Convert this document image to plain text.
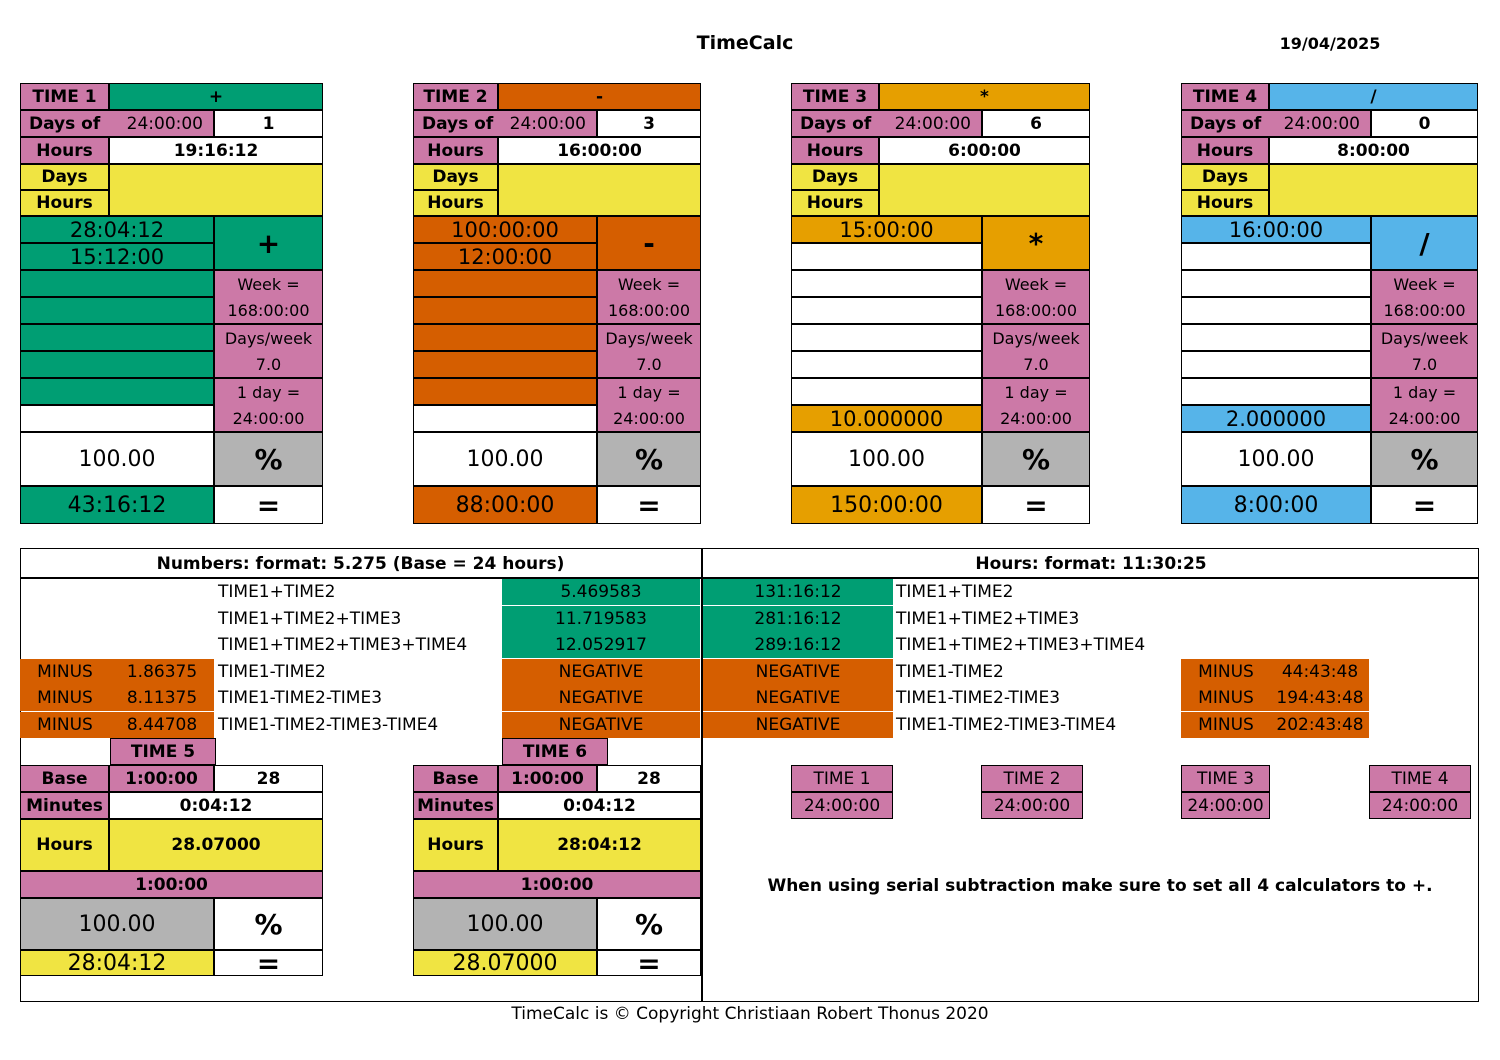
TimeCalc	19/04/2025
TIME 1	+
Days of 24:00:00	1
Hours	19:16:12
Days
Hours
28:04:12
15:12:00	+
Week =
168:00:00
Days/week
7.0
1 day =
24:00:00
100.00	%
43:16:12	=
TIME 2	-
Days of 24:00:00	3
Hours	16:00:00
Days
Hours
100:00:00
12:00:00	-
Week =
168:00:00
Days/week
7.0
1 day =
24:00:00
100.00	%
88:00:00	=
TIME 3	*
Days of 24:00:00	6
Hours	6:00:00
Days
Hours
15:00:00	*
10.000000
Week =
168:00:00
Days/week
7.0
1 day =
24:00:00
100.00	%
150:00:00	=
TIME 4	/
Days of 24:00:00	0
Hours	8:00:00
Days
Hours
16:00:00	/
2.000000
Week =
168:00:00
Days/week
7.0
1 day =
24:00:00
100.00	%
8:00:00	=
Numbers: format: 5.275 (Base = 24 hours)	Hours: format: 11:30:25
TIME1+TIME2	5.469583	131:16:12	TIME1+TIME2
TIME1+TIME2+TIME3	11.719583	281:16:12	TIME1+TIME2+TIME3
TIME1+TIME2+TIME3+TIME4	12.052917	289:16:12	TIME1+TIME2+TIME3+TIME4
MINUS	1.86375	TIME1-TIME2	NEGATIVE	NEGATIVE	TIME1-TIME2	MINUS	44:43:48
MINUS	8.11375	TIME1-TIME2-TIME3	NEGATIVE	NEGATIVE	TIME1-TIME2-TIME3	MINUS	194:43:48
MINUS	8.44708	TIME1-TIME2-TIME3-TIME4	NEGATIVE	NEGATIVE	TIME1-TIME2-TIME3-TIME4	MINUS	202:43:48
TIME 5
Base	1:00:00	28
Minutes	0:04:12
Hours	28.07000
1:00:00
100.00	%
28:04:12	=
TIME 6
Base	1:00:00	28
Minutes	0:04:12
Hours	28:04:12
1:00:00
100.00	%
28.07000	=
TIME 1
24:00:00
TIME 2
24:00:00
TIME 3
24:00:00
TIME 4
24:00:00
When using serial subtraction make sure to set all 4 calculators to +.
TimeCalc is © Copyright Christiaan Robert Thonus 2020
